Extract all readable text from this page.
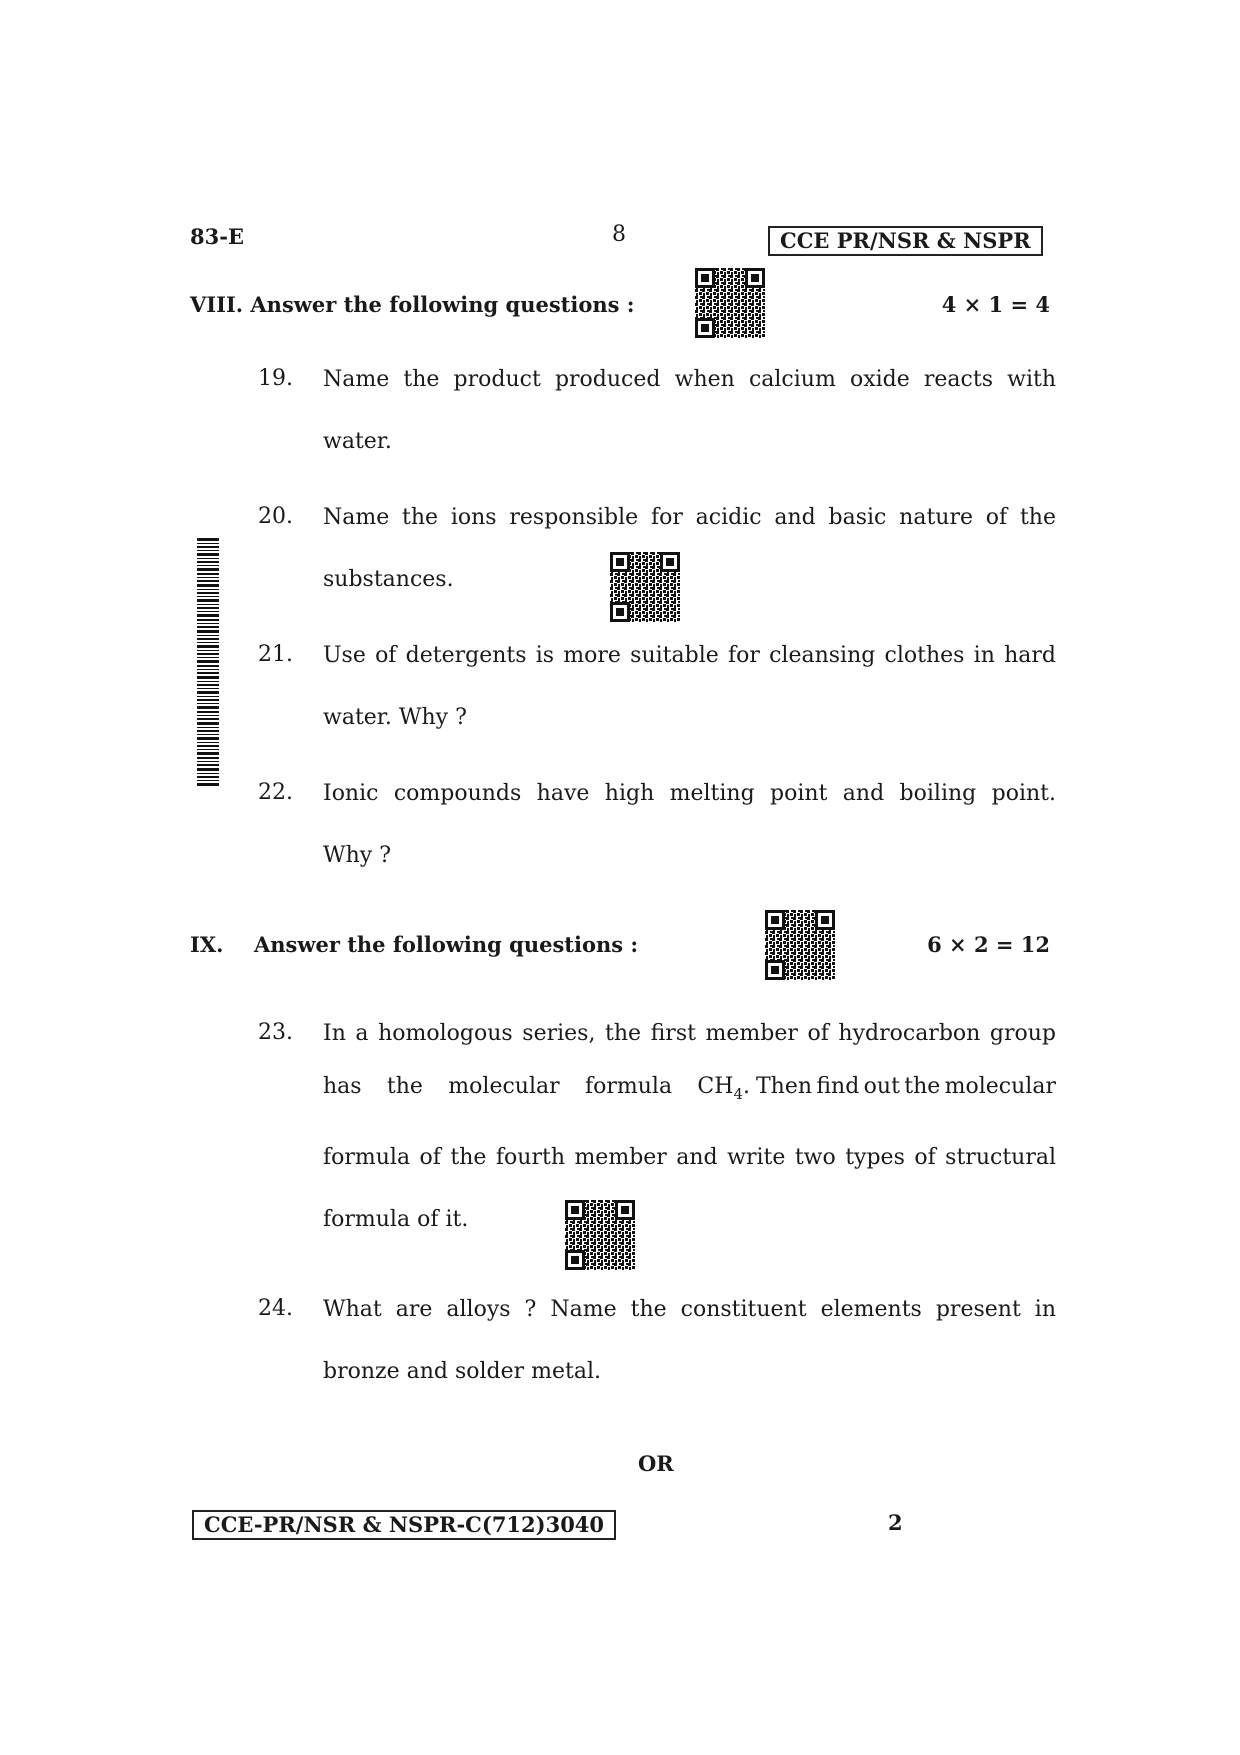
83-E	8	CCE PR/NSR & NSPR
VIII. Answer the following questions :	4 × 1 = 4
19. Name the product produced when calcium oxide reacts with
water.
20. Name the ions responsible for acidic and basic nature of the
substances.
21. Use of detergents is more suitable for cleansing clothes in hard
water. Why ?
22. Ionic compounds have high melting point and boiling point.
Why ?
IX. Answer the following questions :	6 × 2 = 12
23. In a homologous series, the first member of hydrocarbon group
has the molecular formula $CH_4$. Then find out the molecular
formula of the fourth member and write two types of structural
formula of it.
24. What are alloys ? Name the constituent elements present in
bronze and solder metal.
OR
CCE-PR/NSR & NSPR-C(712)3040	2
